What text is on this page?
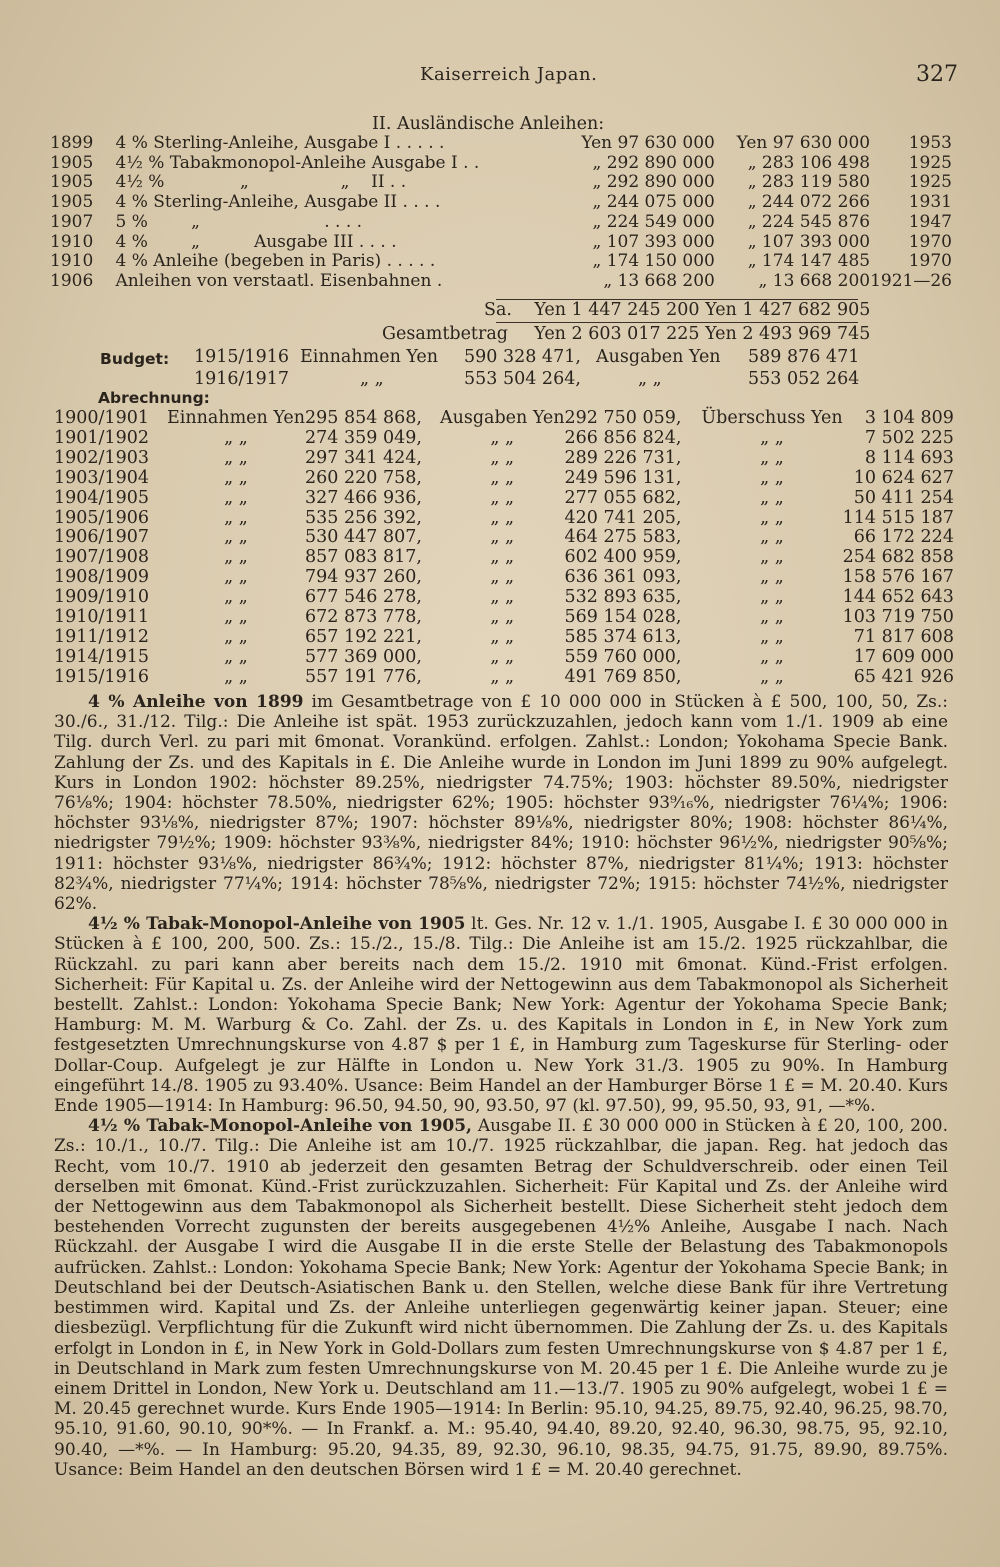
Kaiserreich Japan.	327
II. Ausländische Anleihen:
1899	4 % Sterling-Anleihe, Ausgabe I . . . . .	Yen 97 630 000	Yen 97 630 000	1953
1905	4½ % Tabakmonopol-Anleihe Ausgabe I . .	„ 292 890 000	„ 283 106 498	1925
1905	4½ %              „                 „    II . .	„ 292 890 000	„ 283 119 580	1925
1905	4 % Sterling-Anleihe, Ausgabe II . . . .	„ 244 075 000	„ 244 072 266	1931
1907	5 %        „                       . . . .	„ 224 549 000	„ 224 545 876	1947
1910	4 %        „          Ausgabe III . . . .	„ 107 393 000	„ 107 393 000	1970
1910	4 % Anleihe (begeben in Paris) . . . . .	„ 174 150 000	„ 174 147 485	1970
1906	Anleihen von verstaatl. Eisenbahnen .	„ 13 668 200	„ 13 668 200	1921—26
Sa. Yen 1 447 245 200 Yen 1 427 682 905
Gesamtbetrag Yen 2 603 017 225 Yen 2 493 969 745
Budget: 1915/1916 Einnahmen Yen 590 328 471, Ausgaben Yen 589 876 471
1916/1917	„ „	553 504 264,	„ „	553 052 264
Abrechnung:
1900/1901	Einnahmen Yen	295 854 868,	Ausgaben Yen	292 750 059,	Überschuss Yen	3 104 809
1901/1902	„ „	274 359 049,	„ „	266 856 824,	„ „	7 502 225
1902/1903	„ „	297 341 424,	„ „	289 226 731,	„ „	8 114 693
1903/1904	„ „	260 220 758,	„ „	249 596 131,	„ „	10 624 627
1904/1905	„ „	327 466 936,	„ „	277 055 682,	„ „	50 411 254
1905/1906	„ „	535 256 392,	„ „	420 741 205,	„ „	114 515 187
1906/1907	„ „	530 447 807,	„ „	464 275 583,	„ „	66 172 224
1907/1908	„ „	857 083 817,	„ „	602 400 959,	„ „	254 682 858
1908/1909	„ „	794 937 260,	„ „	636 361 093,	„ „	158 576 167
1909/1910	„ „	677 546 278,	„ „	532 893 635,	„ „	144 652 643
1910/1911	„ „	672 873 778,	„ „	569 154 028,	„ „	103 719 750
1911/1912	„ „	657 192 221,	„ „	585 374 613,	„ „	71 817 608
1914/1915	„ „	577 369 000,	„ „	559 760 000,	„ „	17 609 000
1915/1916	„ „	557 191 776,	„ „	491 769 850,	„ „	65 421 926

4 % Anleihe von 1899 im Gesamtbetrage von £ 10 000 000 in Stücken à £ 500, 100, 50, Zs.: 30./6., 31./12. Tilg.: Die Anleihe ist spät. 1953 zurückzuzahlen, jedoch kann vom 1./1. 1909 ab eine Tilg. durch Verl. zu pari mit 6monat. Vorankünd. erfolgen. Zahlst.: London; Yokohama Specie Bank. Zahlung der Zs. und des Kapitals in £. Die Anleihe wurde in London im Juni 1899 zu 90% aufgelegt. Kurs in London 1902: höchster 89.25%, niedrigster 74.75%; 1903: höchster 89.50%, niedrigster 76⅛%; 1904: höchster 78.50%, niedrigster 62%; 1905: höchster 93⁹⁄₁₆%, niedrigster 76¼%; 1906: höchster 93⅛%, niedrigster 87%; 1907: höchster 89⅛%, niedrigster 80%; 1908: höchster 86¼%, niedrigster 79½%; 1909: höchster 93⅜%, niedrigster 84%; 1910: höchster 96½%, niedrigster 90⅝%; 1911: höchster 93⅛%, niedrigster 86¾%; 1912: höchster 87%, niedrigster 81¼%; 1913: höchster 82¾%, niedrigster 77¼%; 1914: höchster 78⅝%, niedrigster 72%; 1915: höchster 74½%, niedrigster 62%.

4½ % Tabak-Monopol-Anleihe von 1905 lt. Ges. Nr. 12 v. 1./1. 1905, Ausgabe I. £ 30 000 000 in Stücken à £ 100, 200, 500. Zs.: 15./2., 15./8. Tilg.: Die Anleihe ist am 15./2. 1925 rückzahlbar, die Rückzahl. zu pari kann aber bereits nach dem 15./2. 1910 mit 6monat. Künd.-Frist erfolgen. Sicherheit: Für Kapital u. Zs. der Anleihe wird der Nettogewinn aus dem Tabakmonopol als Sicherheit bestellt. Zahlst.: London: Yokohama Specie Bank; New York: Agentur der Yokohama Specie Bank; Hamburg: M. M. Warburg & Co. Zahl. der Zs. u. des Kapitals in London in £, in New York zum festgesetzten Umrechnungskurse von 4.87 $ per 1 £, in Hamburg zum Tageskurse für Sterling- oder Dollar-Coup. Aufgelegt je zur Hälfte in London u. New York 31./3. 1905 zu 90%. In Hamburg eingeführt 14./8. 1905 zu 93.40%. Usance: Beim Handel an der Hamburger Börse 1 £ = M. 20.40. Kurs Ende 1905—1914: In Hamburg: 96.50, 94.50, 90, 93.50, 97 (kl. 97.50), 99, 95.50, 93, 91, —*%.

4½ % Tabak-Monopol-Anleihe von 1905, Ausgabe II. £ 30 000 000 in Stücken à £ 20, 100, 200. Zs.: 10./1., 10./7. Tilg.: Die Anleihe ist am 10./7. 1925 rückzahlbar, die japan. Reg. hat jedoch das Recht, vom 10./7. 1910 ab jederzeit den gesamten Betrag der Schuldverschreib. oder einen Teil derselben mit 6monat. Künd.-Frist zurückzuzahlen. Sicherheit: Für Kapital und Zs. der Anleihe wird der Nettogewinn aus dem Tabakmonopol als Sicherheit bestellt. Diese Sicherheit steht jedoch dem bestehenden Vorrecht zugunsten der bereits ausgegebenen 4½% Anleihe, Ausgabe I nach. Nach Rückzahl. der Ausgabe I wird die Ausgabe II in die erste Stelle der Belastung des Tabakmonopols aufrücken. Zahlst.: London: Yokohama Specie Bank; New York: Agentur der Yokohama Specie Bank; in Deutschland bei der Deutsch-Asiatischen Bank u. den Stellen, welche diese Bank für ihre Vertretung bestimmen wird. Kapital und Zs. der Anleihe unterliegen gegenwärtig keiner japan. Steuer; eine diesbezügl. Verpflichtung für die Zukunft wird nicht übernommen. Die Zahlung der Zs. u. des Kapitals erfolgt in London in £, in New York in Gold-Dollars zum festen Umrechnungskurse von $ 4.87 per 1 £, in Deutschland in Mark zum festen Umrechnungskurse von M. 20.45 per 1 £. Die Anleihe wurde zu je einem Drittel in London, New York u. Deutschland am 11.—13./7. 1905 zu 90% aufgelegt, wobei 1 £ = M. 20.45 gerechnet wurde. Kurs Ende 1905—1914: In Berlin: 95.10, 94.25, 89.75, 92.40, 96.25, 98.70, 95.10, 91.60, 90.10, 90*%. — In Frankf. a. M.: 95.40, 94.40, 89.20, 92.40, 96.30, 98.75, 95, 92.10, 90.40, —*%. — In Hamburg: 95.20, 94.35, 89, 92.30, 96.10, 98.35, 94.75, 91.75, 89.90, 89.75%. Usance: Beim Handel an den deutschen Börsen wird 1 £ = M. 20.40 gerechnet.
